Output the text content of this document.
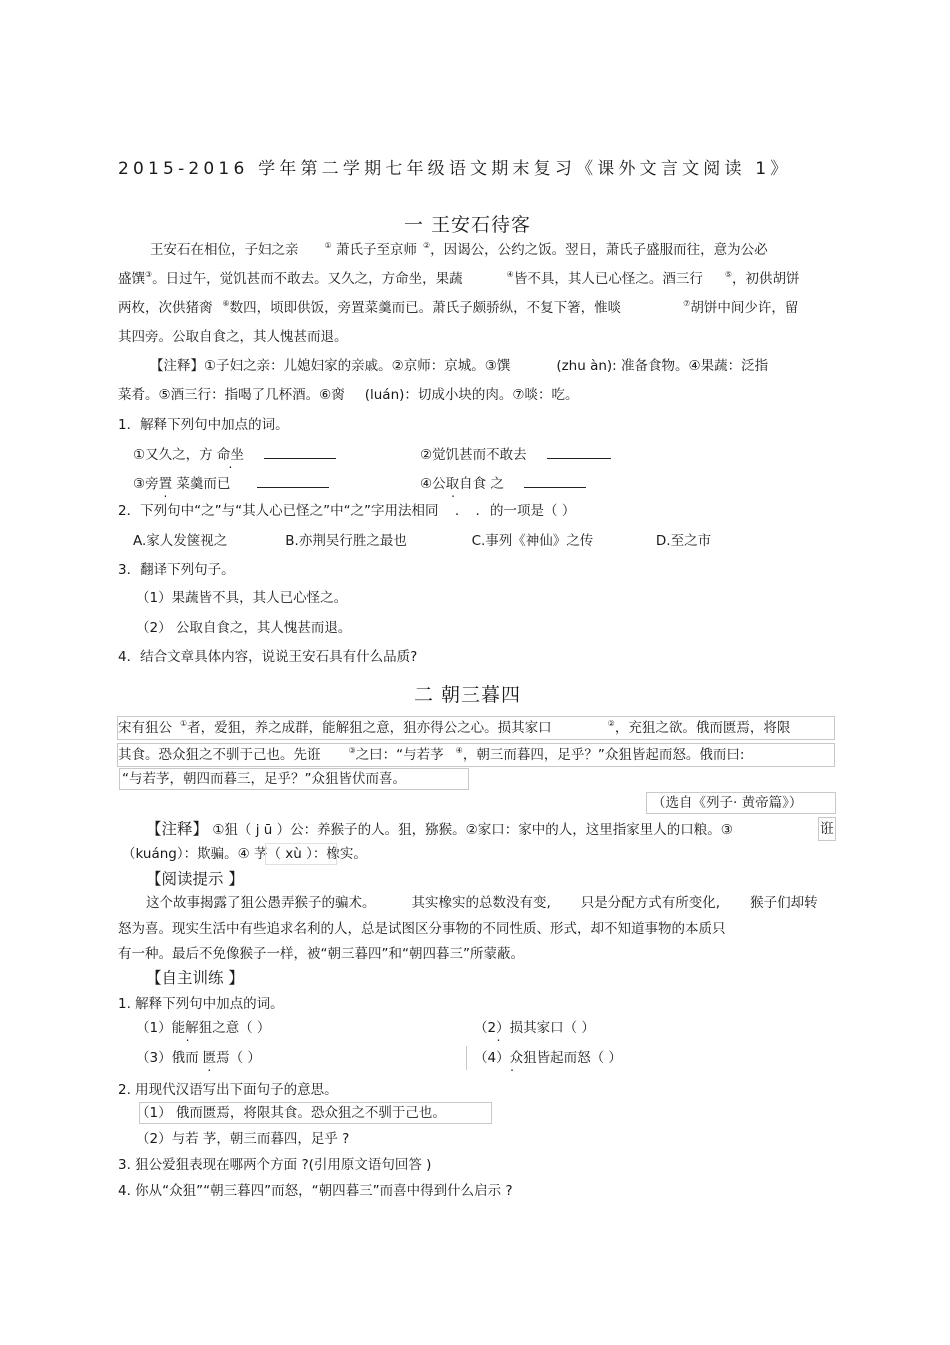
2015-2016 学年第二学期七年级语文期末复习《课外文言文阅读 1》
一 王安石待客
王安石在相位，子妇之亲	① 萧氏子至京师 ②，因谒公，公约之饭。翌日，萧氏子盛服而往，意为公必
盛馔③。日过午，觉饥甚而不敢去。又久之，方命坐，果蔬	④皆不具，其人已心怪之。酒三行	⑤，初供胡饼
两枚，次供猪脔 ⑥数四，顷即供饭，旁置菜羹而已。萧氏子颇骄纵，不复下箸，惟啖	⑦胡饼中间少许，留
其四旁。公取自食之，其人愧甚而退。
【注释】①子妇之亲：儿媳妇家的亲戚。②京师：京城。③馔	(zhu àn): 准备食物。④果蔬：泛指
菜肴。⑤酒三行：指喝了几杯酒。⑥脔 (luán)：切成小块的肉。⑦啖：吃。
1．解释下列句中加点的词。
①又久之，方 命坐	②觉饥甚而不敢去
③旁置 菜羹而已	④公取自食 . 之
2．下列句中“之”与“其人心已怪之”中“之”字用法相同 . . 的一项是（ ）
A.家人发箧视之	B.亦荆吴行胜之最也	C.事列《神仙》之传	D.至之市
3．翻译下列句子。
（1）果蔬皆不具，其人已心怪之。
（2） 公取自食之，其人愧甚而退。
4．结合文章具体内容，说说王安石具有什么品质?
二 朝三暮四
宋有狙公 ①者，爱狙，养之成群，能解狙之意，狙亦得公之心。损其家口	②，充狙之欲。俄而匮焉，将限
其食。恐众狙之不驯于己也。先诳	③之曰：“与若芧 ④，朝三而暮四，足乎？”众狙皆起而怒。俄而曰:
“与若芧，朝四而暮三，足乎？”众狙皆伏而喜。
（选自《列子· 黄帝篇》）
【注释】 ①狙（ j ū ）公：养猴子的人。狙，猕猴。②家口：家中的人，这里指家里人的口粮。③	诳
（kuáng）：欺骗。④ 芧（ xù ）：橡实。
【阅读提示 】
这个故事揭露了狙公愚弄猴子的骗术。	其实橡实的总数没有变, 只是分配方式有所变化, 猴子们却转
怒为喜。现实生活中有些追求名利的人，总是试图区分事物的不同性质、形式，却不知道事物的本质只
有一种。最后不免像猴子一样，被“朝三暮四”和“朝四暮三”所蒙蔽。
【自主训练 】
1. 解释下列句中加点的词。
（1）能解狙之意 .（ ）	（2）损 .其家口（ ）
（3）俄而 匮焉（ ）	（4）众狙皆 .起而怒（ ）
2. 用现代汉语写出下面句子的意思。
（1） 俄而匮焉，将限其食。恐众狙之不驯于己也。
（2）与若 芧，朝三而暮四，足乎 ?
3. 狙公爱狙表现在哪两个方面 ?(引用原文语句回答 )
4. 你从“众狙”“朝三暮四”而怒，“朝四暮三”而喜中得到什么启示 ?
